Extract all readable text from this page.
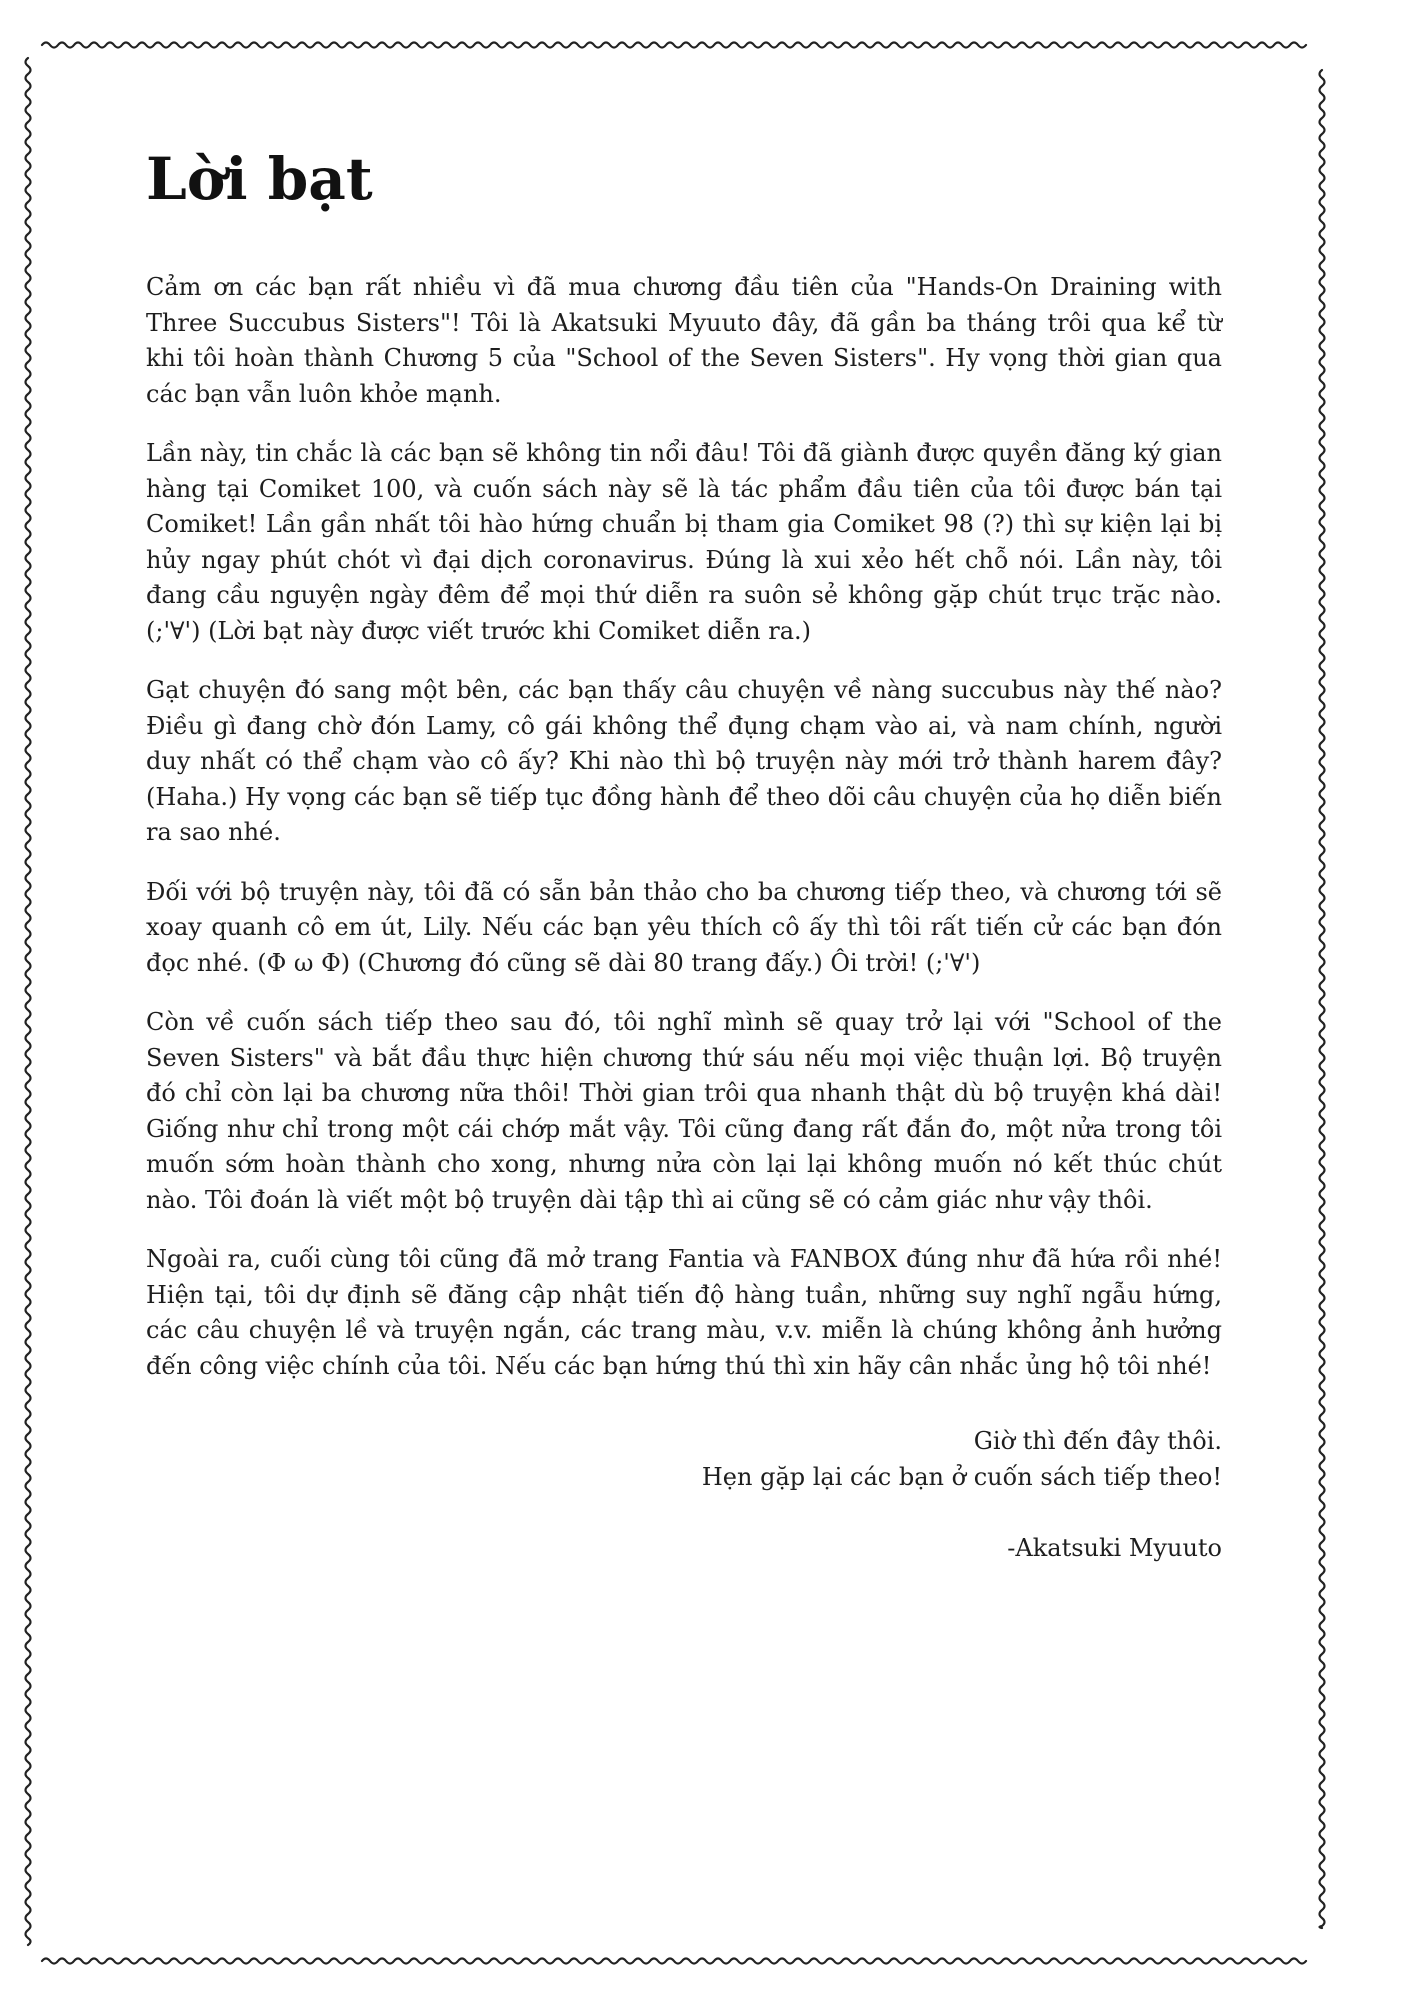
Lời bạt

Cảm ơn các bạn rất nhiều vì đã mua chương đầu tiên của "Hands-On Draining with Three Succubus Sisters"! Tôi là Akatsuki Myuuto đây, đã gần ba tháng trôi qua kể từ khi tôi hoàn thành Chương 5 của "School of the Seven Sisters". Hy vọng thời gian qua các bạn vẫn luôn khỏe mạnh.

Lần này, tin chắc là các bạn sẽ không tin nổi đâu! Tôi đã giành được quyền đăng ký gian hàng tại Comiket 100, và cuốn sách này sẽ là tác phẩm đầu tiên của tôi được bán tại Comiket! Lần gần nhất tôi hào hứng chuẩn bị tham gia Comiket 98 (?) thì sự kiện lại bị hủy ngay phút chót vì đại dịch coronavirus. Đúng là xui xẻo hết chỗ nói. Lần này, tôi đang cầu nguyện ngày đêm để mọi thứ diễn ra suôn sẻ không gặp chút trục trặc nào. (;'∀') (Lời bạt này được viết trước khi Comiket diễn ra.)

Gạt chuyện đó sang một bên, các bạn thấy câu chuyện về nàng succubus này thế nào? Điều gì đang chờ đón Lamy, cô gái không thể đụng chạm vào ai, và nam chính, người duy nhất có thể chạm vào cô ấy? Khi nào thì bộ truyện này mới trở thành harem đây? (Haha.) Hy vọng các bạn sẽ tiếp tục đồng hành để theo dõi câu chuyện của họ diễn biến ra sao nhé.

Đối với bộ truyện này, tôi đã có sẵn bản thảo cho ba chương tiếp theo, và chương tới sẽ xoay quanh cô em út, Lily. Nếu các bạn yêu thích cô ấy thì tôi rất tiến cử các bạn đón đọc nhé. (Φ ω Φ) (Chương đó cũng sẽ dài 80 trang đấy.) Ôi trời! (;'∀')

Còn về cuốn sách tiếp theo sau đó, tôi nghĩ mình sẽ quay trở lại với "School of the Seven Sisters" và bắt đầu thực hiện chương thứ sáu nếu mọi việc thuận lợi. Bộ truyện đó chỉ còn lại ba chương nữa thôi! Thời gian trôi qua nhanh thật dù bộ truyện khá dài! Giống như chỉ trong một cái chớp mắt vậy. Tôi cũng đang rất đắn đo, một nửa trong tôi muốn sớm hoàn thành cho xong, nhưng nửa còn lại lại không muốn nó kết thúc chút nào. Tôi đoán là viết một bộ truyện dài tập thì ai cũng sẽ có cảm giác như vậy thôi.

Ngoài ra, cuối cùng tôi cũng đã mở trang Fantia và FANBOX đúng như đã hứa rồi nhé! Hiện tại, tôi dự định sẽ đăng cập nhật tiến độ hàng tuần, những suy nghĩ ngẫu hứng, các câu chuyện lề và truyện ngắn, các trang màu, v.v. miễn là chúng không ảnh hưởng đến công việc chính của tôi. Nếu các bạn hứng thú thì xin hãy cân nhắc ủng hộ tôi nhé!

Giờ thì đến đây thôi.
Hẹn gặp lại các bạn ở cuốn sách tiếp theo!
-Akatsuki Myuuto
